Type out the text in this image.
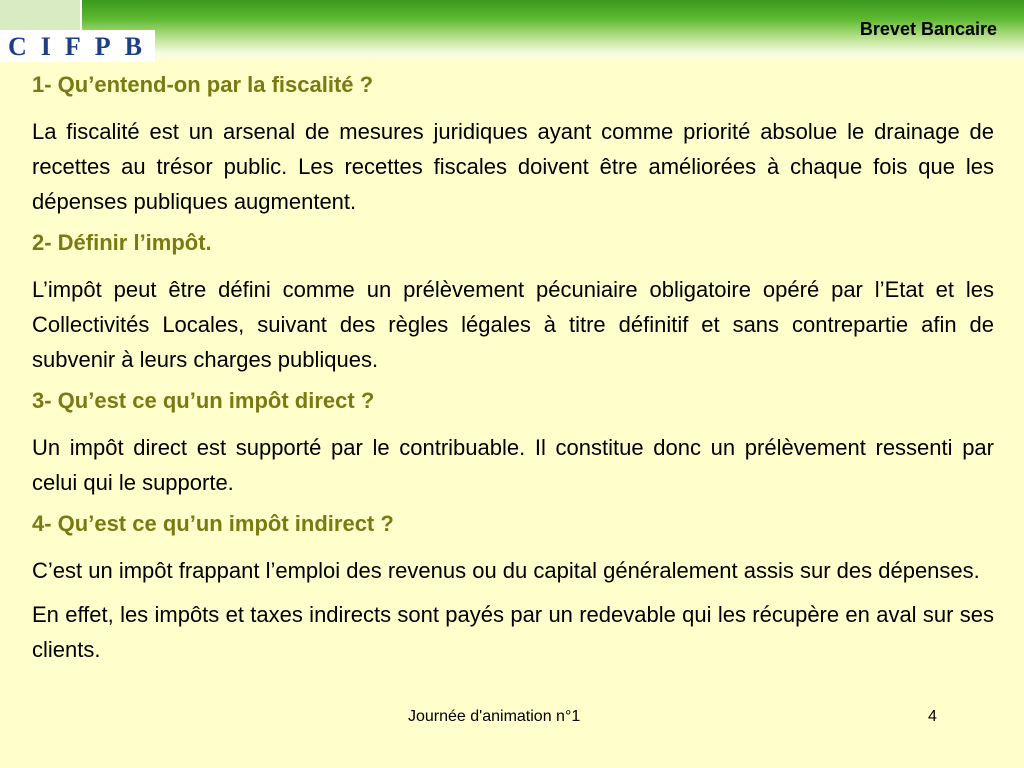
CIFPB
Brevet Bancaire
1- Qu’entend-on par la fiscalité ?
La fiscalité est un arsenal de mesures juridiques ayant comme priorité absolue le drainage de recettes au trésor public. Les recettes fiscales doivent être améliorées à chaque fois que les dépenses publiques augmentent.
2- Définir l’impôt.
L’impôt peut être défini comme un prélèvement pécuniaire obligatoire opéré par l’Etat et les Collectivités Locales, suivant des règles légales à titre définitif et sans contrepartie afin de subvenir à leurs charges publiques.
3- Qu’est ce qu’un impôt direct ?
Un impôt direct est supporté par le contribuable. Il constitue donc un prélèvement ressenti par celui qui le supporte.
4- Qu’est ce qu’un impôt indirect ?
C’est un impôt frappant l’emploi des revenus ou du capital généralement assis sur des dépenses.
En effet, les impôts et taxes indirects sont payés par un redevable qui les récupère en aval sur ses clients.
Journée d'animation n°1	4
